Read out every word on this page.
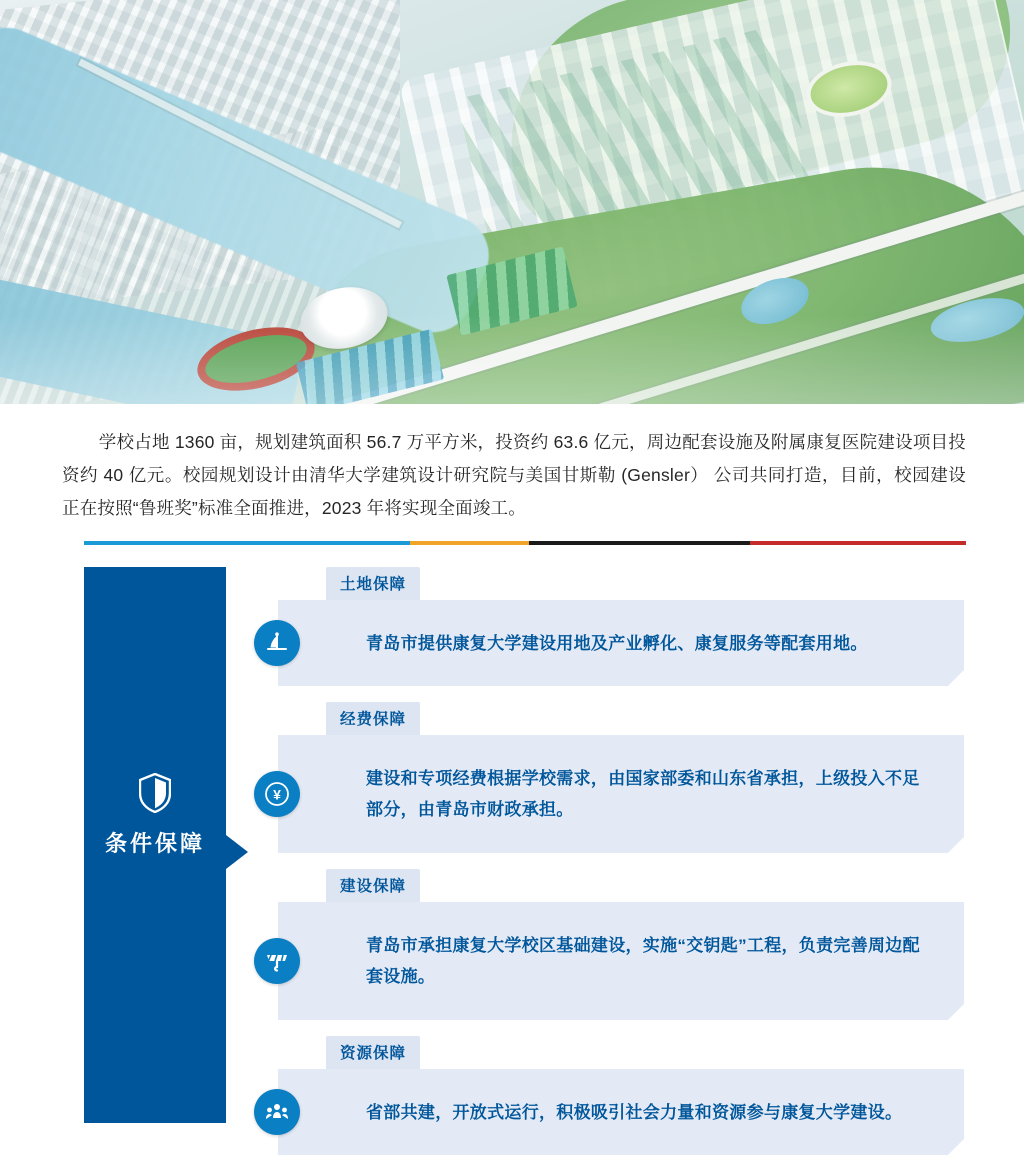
学校占地 1360 亩，规划建筑面积 56.7 万平方米，投资约 63.6 亿元，周边配套设施及附属康复医院建设项目投资约 40 亿元。校园规划设计由清华大学建筑设计研究院与美国甘斯勒 (Gensler） 公司共同打造，目前，校园建设正在按照“鲁班奖”标准全面推进，2023 年将实现全面竣工。

条件保障
土地保障
青岛市提供康复大学建设用地及产业孵化、康复服务等配套用地。
经费保障
¥
建设和专项经费根据学校需求，由国家部委和山东省承担，上级投入不足部分，由青岛市财政承担。
建设保障
青岛市承担康复大学校区基础建设，实施“交钥匙”工程，负责完善周边配套设施。
资源保障
省部共建，开放式运行，积极吸引社会力量和资源参与康复大学建设。
